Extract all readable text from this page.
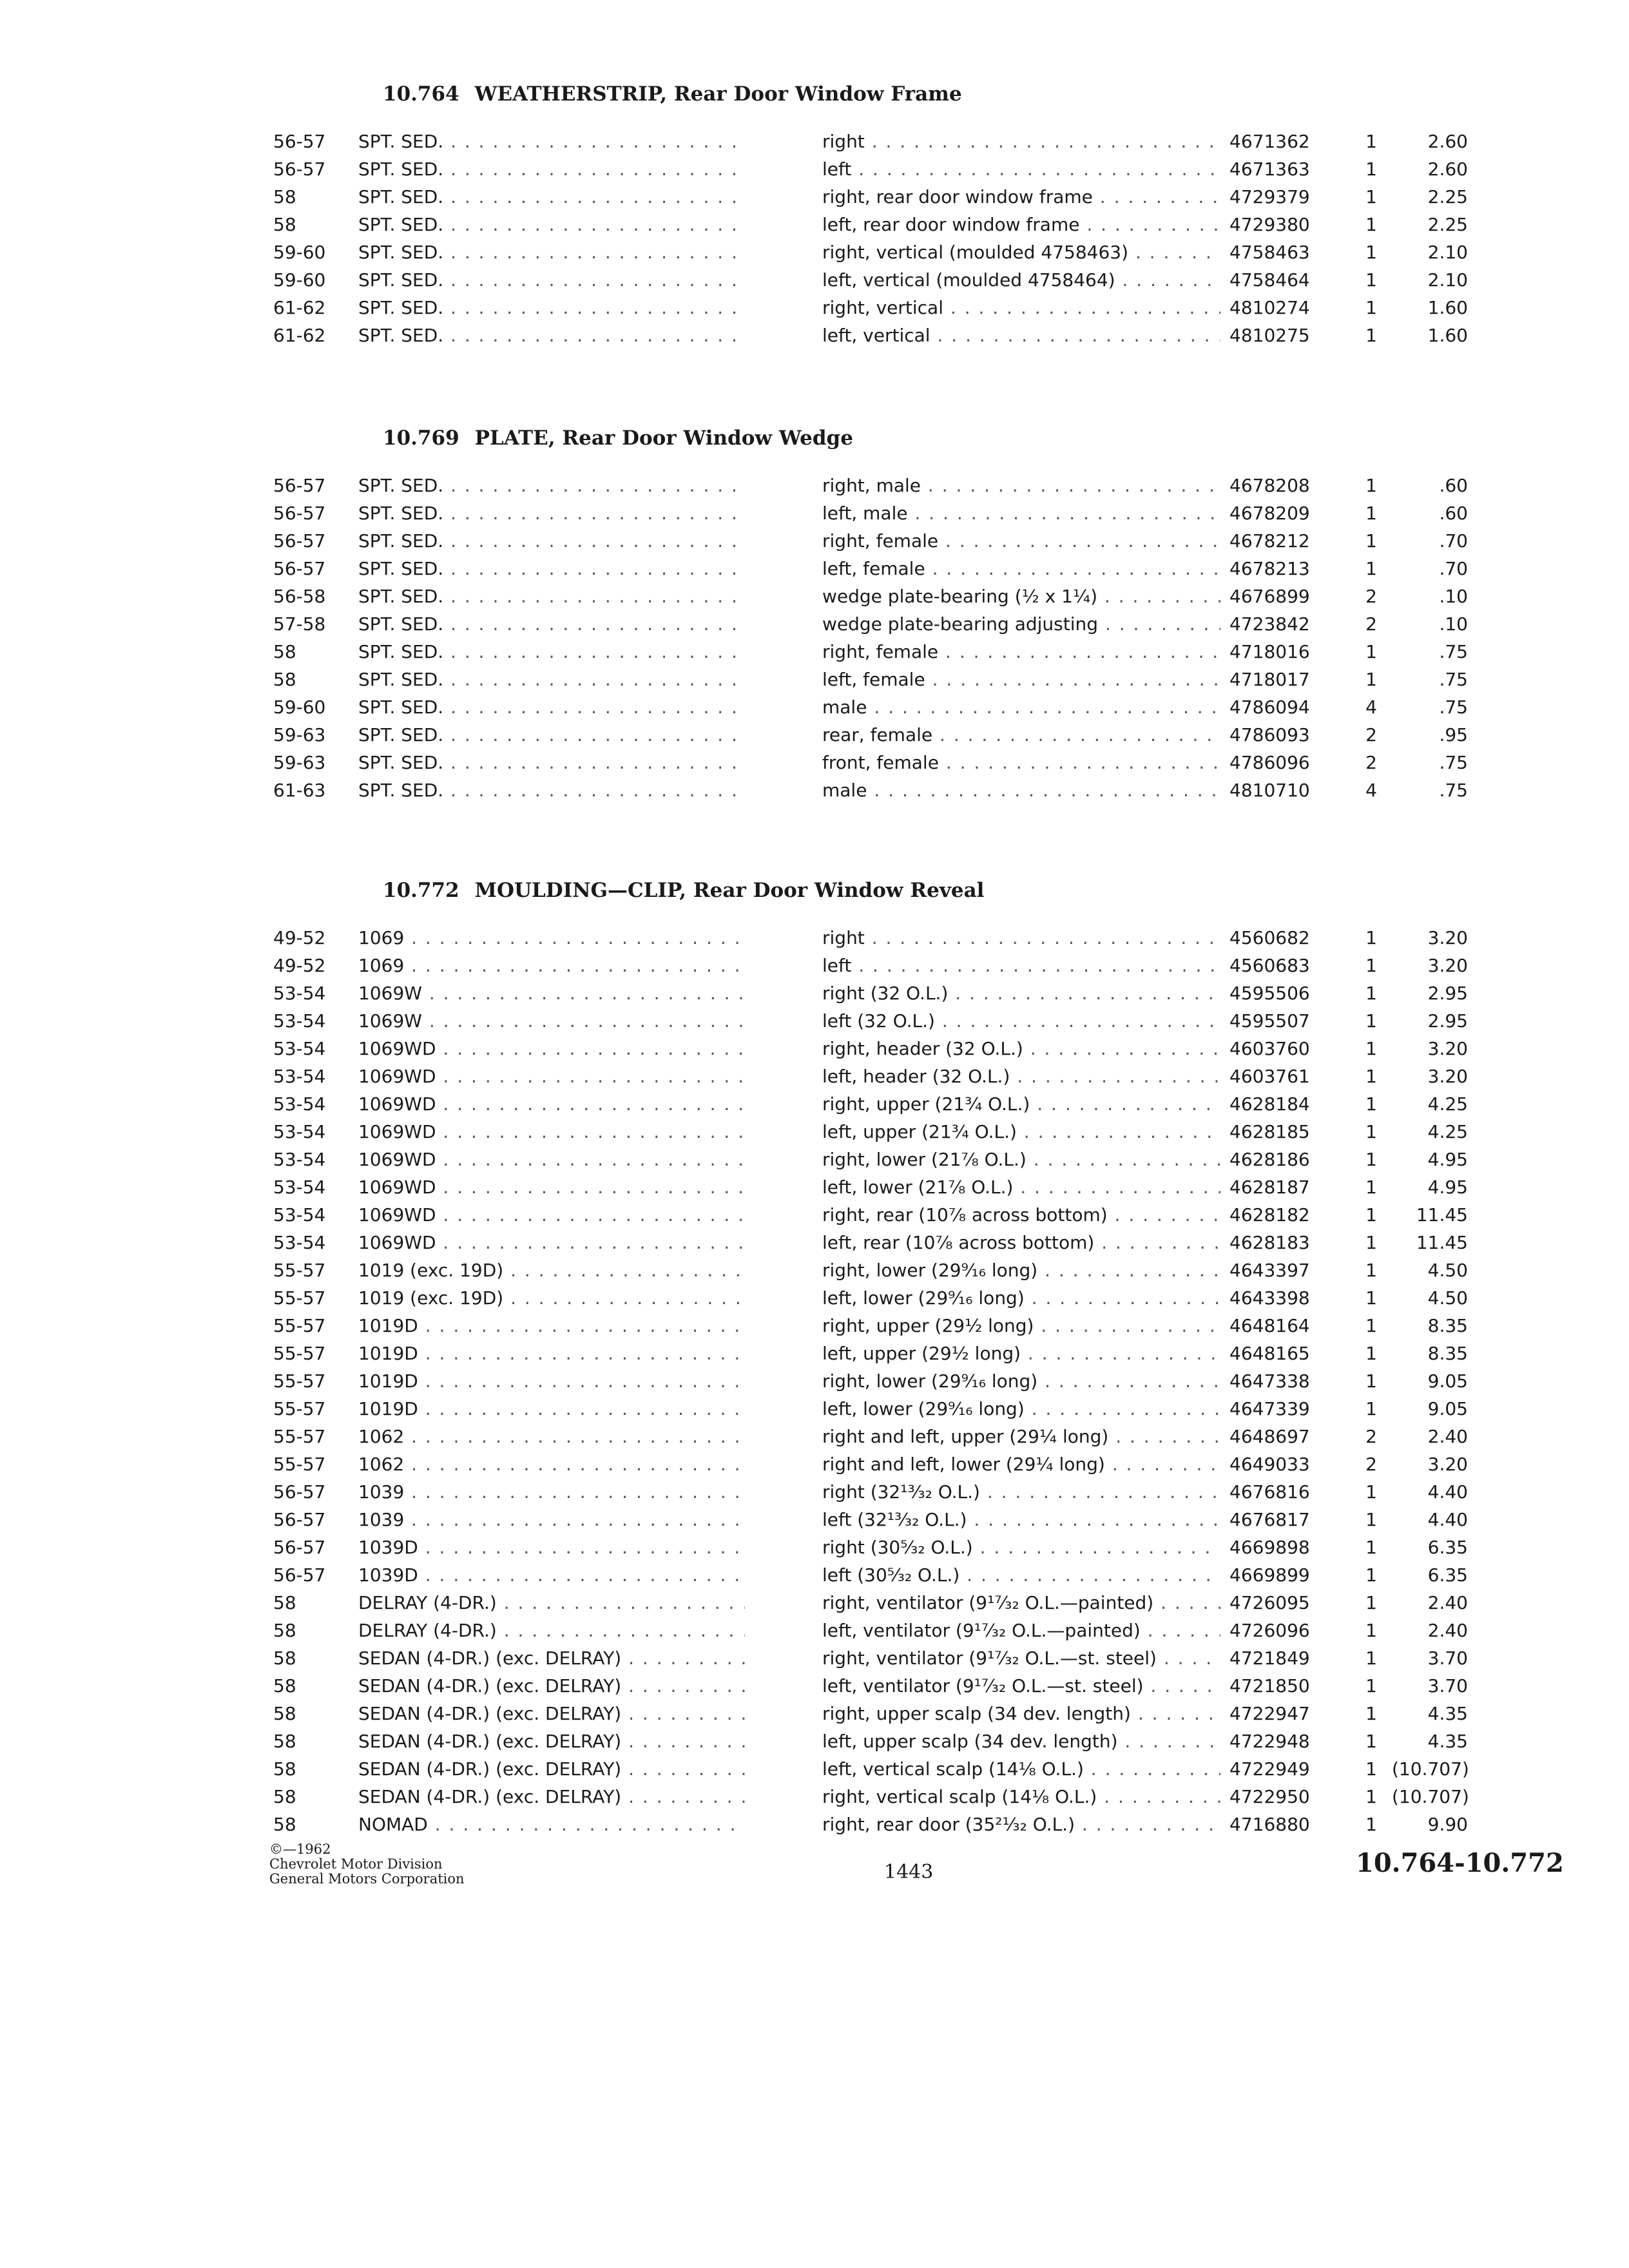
10.764 WEATHERSTRIP, Rear Door Window Frame
56-57 SPT. SED. . . .	right . . .	4671362	1	2.60
56-57 SPT. SED. . . .	left . . .	4671363	1	2.60
58	SPT. SED. . . .	right, rear door window frame . . .	4729379	1	2.25
58	SPT. SED. . . .	left, rear door window frame . . .	4729380	1	2.25
59-60 SPT. SED. . . .	right, vertical (moulded 4758463) . . .	4758463	1	2.10
59-60 SPT. SED. . . .	left, vertical (moulded 4758464) . . .	4758464	1	2.10
61-62 SPT. SED. . . .	right, vertical . . .	4810274	1	1.60
61-62 SPT. SED. . . .	left, vertical . . .	4810275	1	1.60
10.769 PLATE, Rear Door Window Wedge
56-57 SPT. SED. . . .	right, male . . .	4678208	1	.60
56-57 SPT. SED. . . .	left, male . . .	4678209	1	.60
56-57 SPT. SED. . . .	right, female . . .	4678212	1	.70
56-57 SPT. SED. . . .	left, female . . .	4678213	1	.70
56-58 SPT. SED. . . .	wedge plate-bearing (½ x 1¼) . . .	4676899	2	.10
57-58 SPT. SED. . . .	wedge plate-bearing adjusting . . .	4723842	2	.10
58	SPT. SED. . . .	right, female . . .	4718016	1	.75
58	SPT. SED. . . .	left, female . . .	4718017	1	.75
59-60 SPT. SED. . . .	male . . .	4786094	4	.75
59-63 SPT. SED. . . .	rear, female . . .	4786093	2	.95
59-63 SPT. SED. . . .	front, female . . .	4786096	2	.75
61-63 SPT. SED. . . .	male . . .	4810710	4	.75
10.772 MOULDING—CLIP, Rear Door Window Reveal
49-52 1069 . . .	right . . .	4560682	1	3.20
49-52 1069 . . .	left . . .	4560683	1	3.20
53-54 1069W . . .	right (32 O.L.) . . .	4595506	1	2.95
53-54 1069W . . .	left (32 O.L.) . . .	4595507	1	2.95
53-54 1069WD . . .	right, header (32 O.L.) . . .	4603760	1	3.20
53-54 1069WD . . .	left, header (32 O.L.) . . .	4603761	1	3.20
53-54 1069WD . . .	right, upper (21¾ O.L.) . . .	4628184	1	4.25
53-54 1069WD . . .	left, upper (21¾ O.L.) . . .	4628185	1	4.25
53-54 1069WD . . .	right, lower (21⅞ O.L.) . . .	4628186	1	4.95
53-54 1069WD . . .	left, lower (21⅞ O.L.) . . .	4628187	1	4.95
53-54 1069WD . . .	right, rear (10⅞ across bottom) . . .	4628182	1	11.45
53-54 1069WD . . .	left, rear (10⅞ across bottom) . . .	4628183	1	11.45
55-57 1019 (exc. 19D) . . .	right, lower (29⁹⁄₁₆ long) . . .	4643397	1	4.50
55-57 1019 (exc. 19D) . . .	left, lower (29⁹⁄₁₆ long) . . .	4643398	1	4.50
55-57 1019D . . .	right, upper (29½ long) . . .	4648164	1	8.35
55-57 1019D . . .	left, upper (29½ long) . . .	4648165	1	8.35
55-57 1019D . . .	right, lower (29⁹⁄₁₆ long) . . .	4647338	1	9.05
55-57 1019D . . .	left, lower (29⁹⁄₁₆ long) . . .	4647339	1	9.05
55-57 1062 . . .	right and left, upper (29¼ long) . . .	4648697	2	2.40
55-57 1062 . . .	right and left, lower (29¼ long) . . .	4649033	2	3.20
56-57 1039 . . .	right (32¹³⁄₃₂ O.L.) . . .	4676816	1	4.40
56-57 1039 . . .	left (32¹³⁄₃₂ O.L.) . . .	4676817	1	4.40
56-57 1039D . . .	right (30⁵⁄₃₂ O.L.) . . .	4669898	1	6.35
56-57 1039D . . .	left (30⁵⁄₃₂ O.L.) . . .	4669899	1	6.35
58	DELRAY (4-DR.) . . .	right, ventilator (9¹⁷⁄₃₂ O.L.—painted) . . .	4726095	1	2.40
58	DELRAY (4-DR.) . . .	left, ventilator (9¹⁷⁄₃₂ O.L.—painted) . . .	4726096	1	2.40
58	SEDAN (4-DR.) (exc. DELRAY) . . .	right, ventilator (9¹⁷⁄₃₂ O.L.—st. steel) . . .	4721849	1	3.70
58	SEDAN (4-DR.) (exc. DELRAY) . . .	left, ventilator (9¹⁷⁄₃₂ O.L.—st. steel) . . .	4721850	1	3.70
58	SEDAN (4-DR.) (exc. DELRAY) . . .	right, upper scalp (34 dev. length) . . .	4722947	1	4.35
58	SEDAN (4-DR.) (exc. DELRAY) . . .	left, upper scalp (34 dev. length) . . .	4722948	1	4.35
58	SEDAN (4-DR.) (exc. DELRAY) . . .	left, vertical scalp (14⅛ O.L.) . . .	4722949	1 (10.707)
58	SEDAN (4-DR.) (exc. DELRAY) . . .	right, vertical scalp (14⅛ O.L.) . . .	4722950	1 (10.707)
58	NOMAD . . .	right, rear door (35²¹⁄₃₂ O.L.) . . .	4716880	1	9.90
©—1962
Chevrolet Motor Division
General Motors Corporation	1443	10.764-10.772
